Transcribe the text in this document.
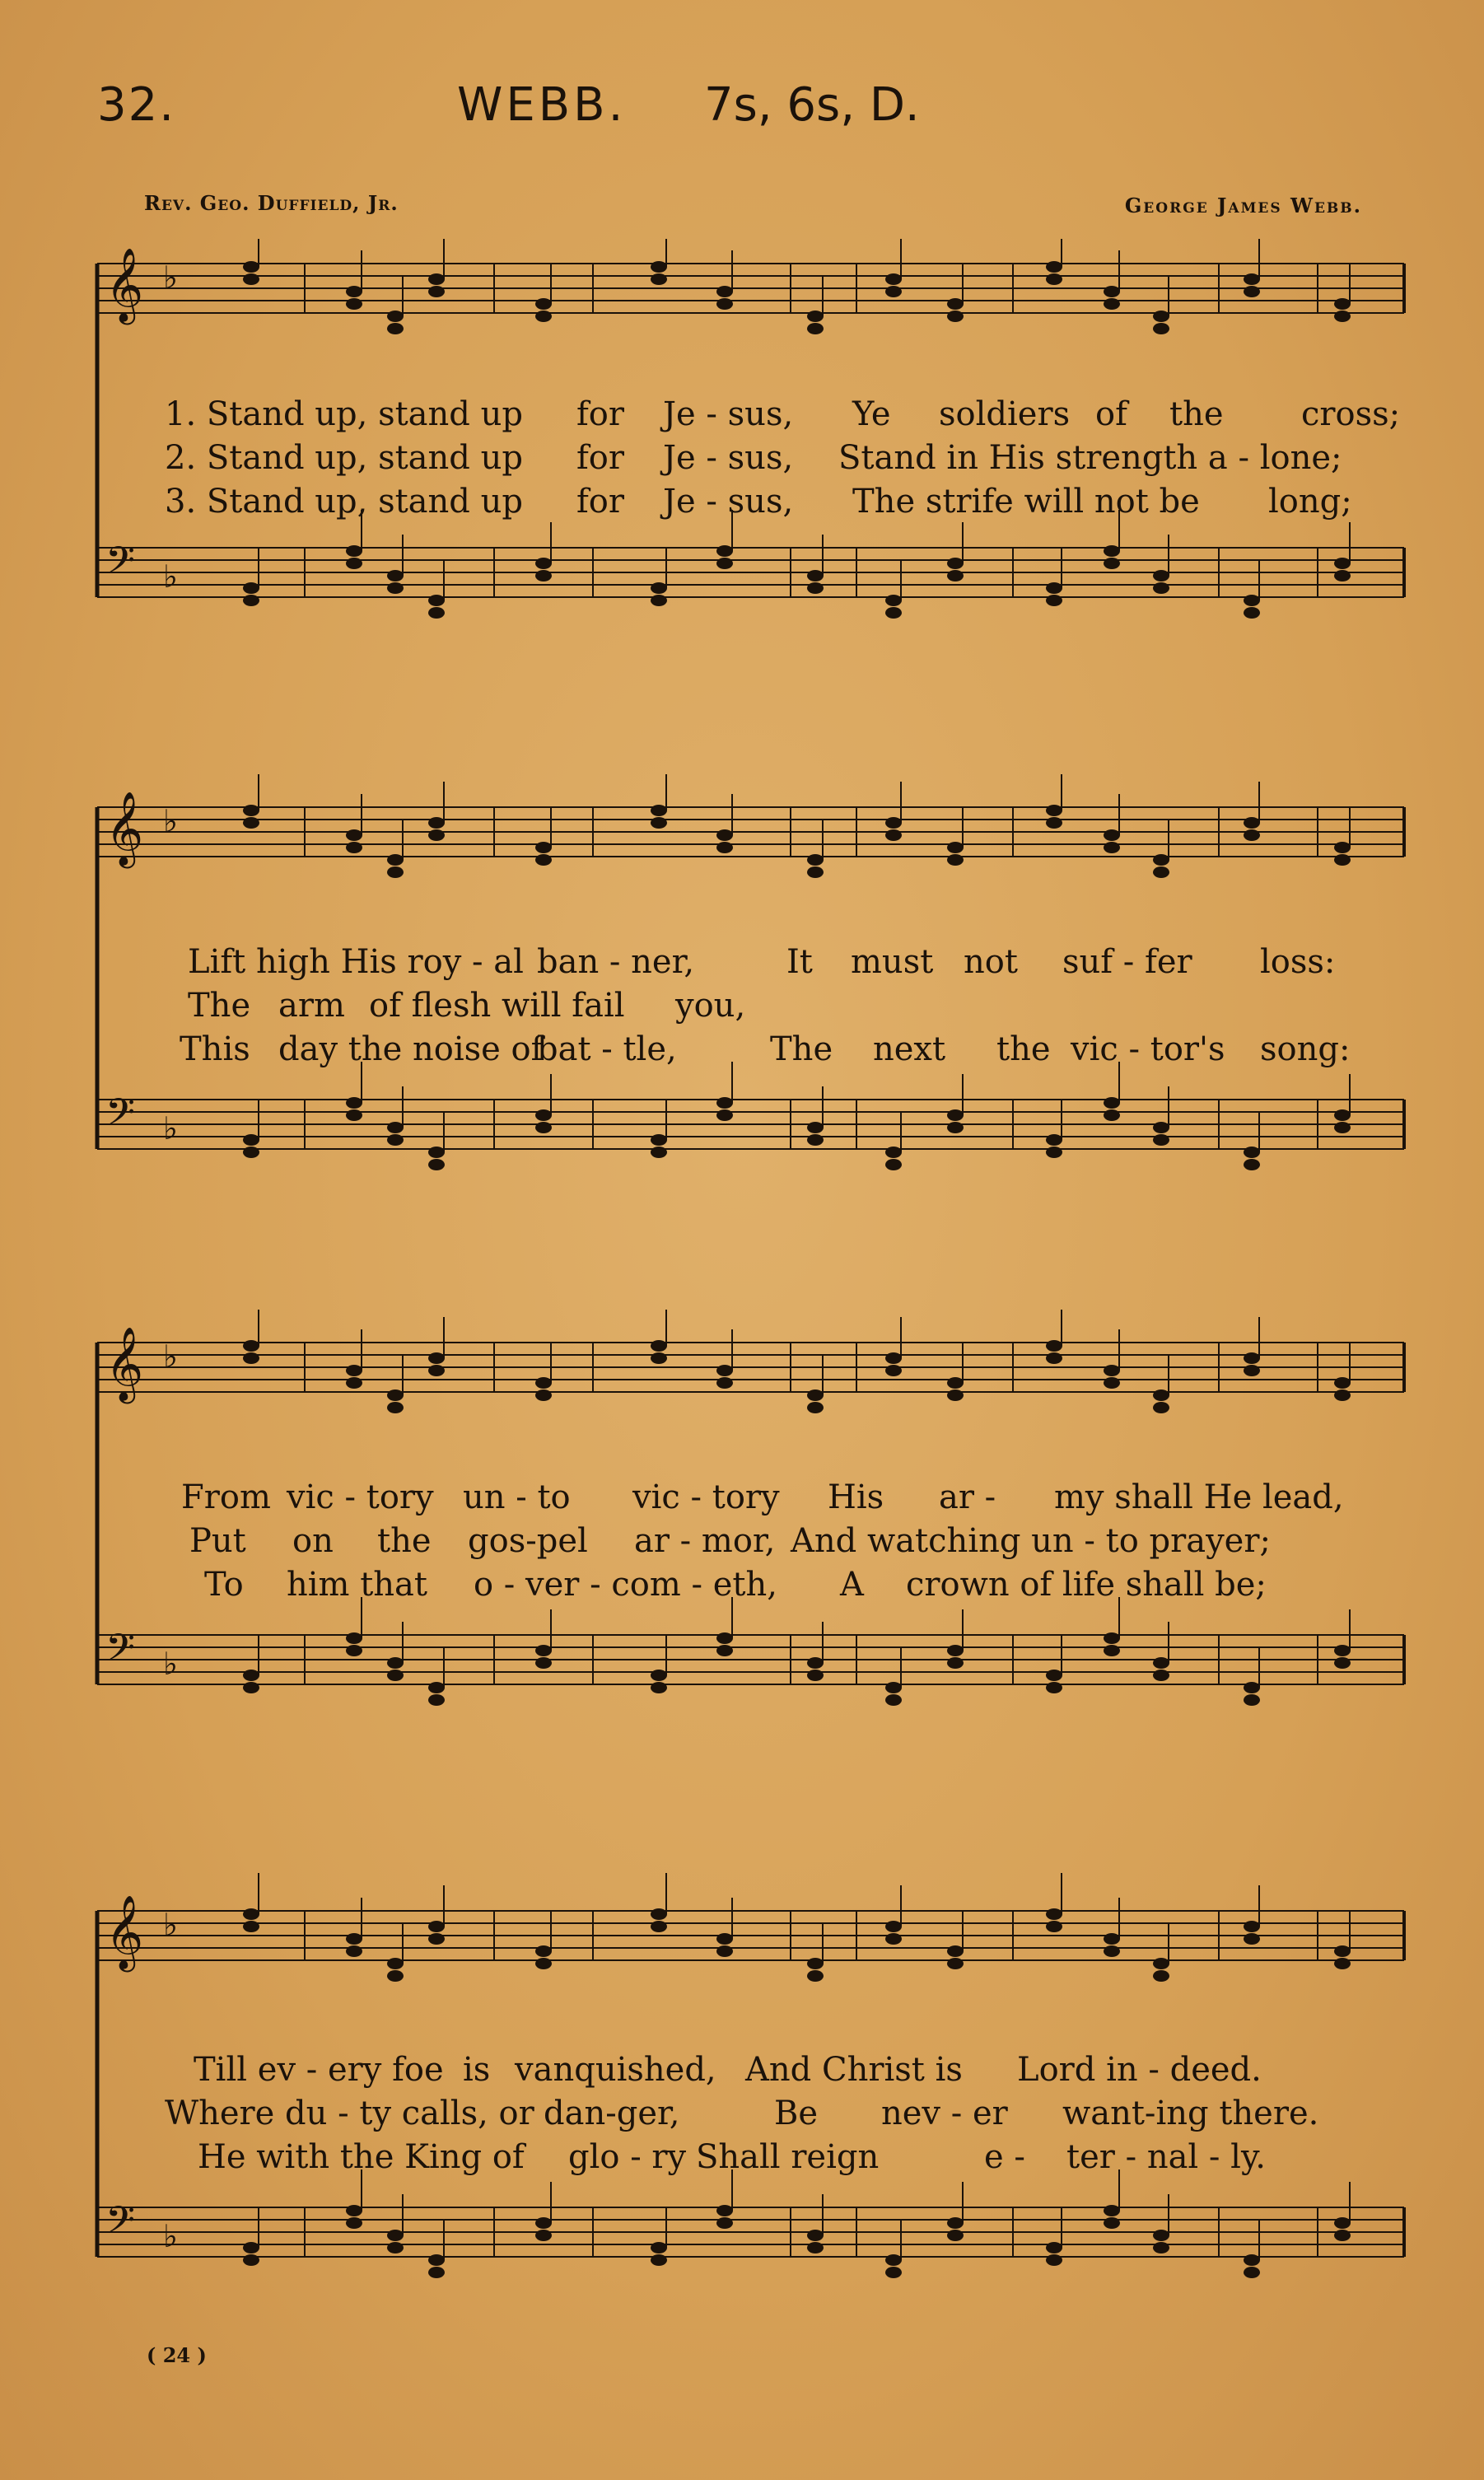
32.	WEBB. 7s, 6s, D.
Rev. Geo. Duffield, Jr.	George James Webb.
𝄞 ♭
𝄢 ♭

1. Stand up, stand up

for

Je - sus,

Ye

soldiers

of

the

cross;

2. Stand up, stand up

for

Je - sus,

Stand in His strength a - lone;

3. Stand up, stand up

for

Je - sus,

The strife will not be

long;

𝄞 ♭
𝄢 ♭

Lift high His roy - al

ban - ner,

	It

must

not

suf - fer

loss:

The

arm

of flesh will fail

you,

This

day the noise of

bat - tle,

	The

next

the

vic - tor's

song:

𝄞 ♭
𝄢 ♭

From

vic - tory

un - to

vic - tory

His

ar -

my shall He lead,

Put

on

the

gos-pel

ar - mor,

And watching un - to prayer;

To

him that

o - ver - com - eth,

A

crown of life shall be;

𝄞 ♭
𝄢 ♭

Till ev - ery foe

is

vanquished,

And Christ is

Lord in - deed.

Where du - ty calls, or

dan-ger,

	Be

nev - er

want-ing there.

He with the King of

glo - ry

Shall reign

	e -

ter - nal - ly.

( 24 )
